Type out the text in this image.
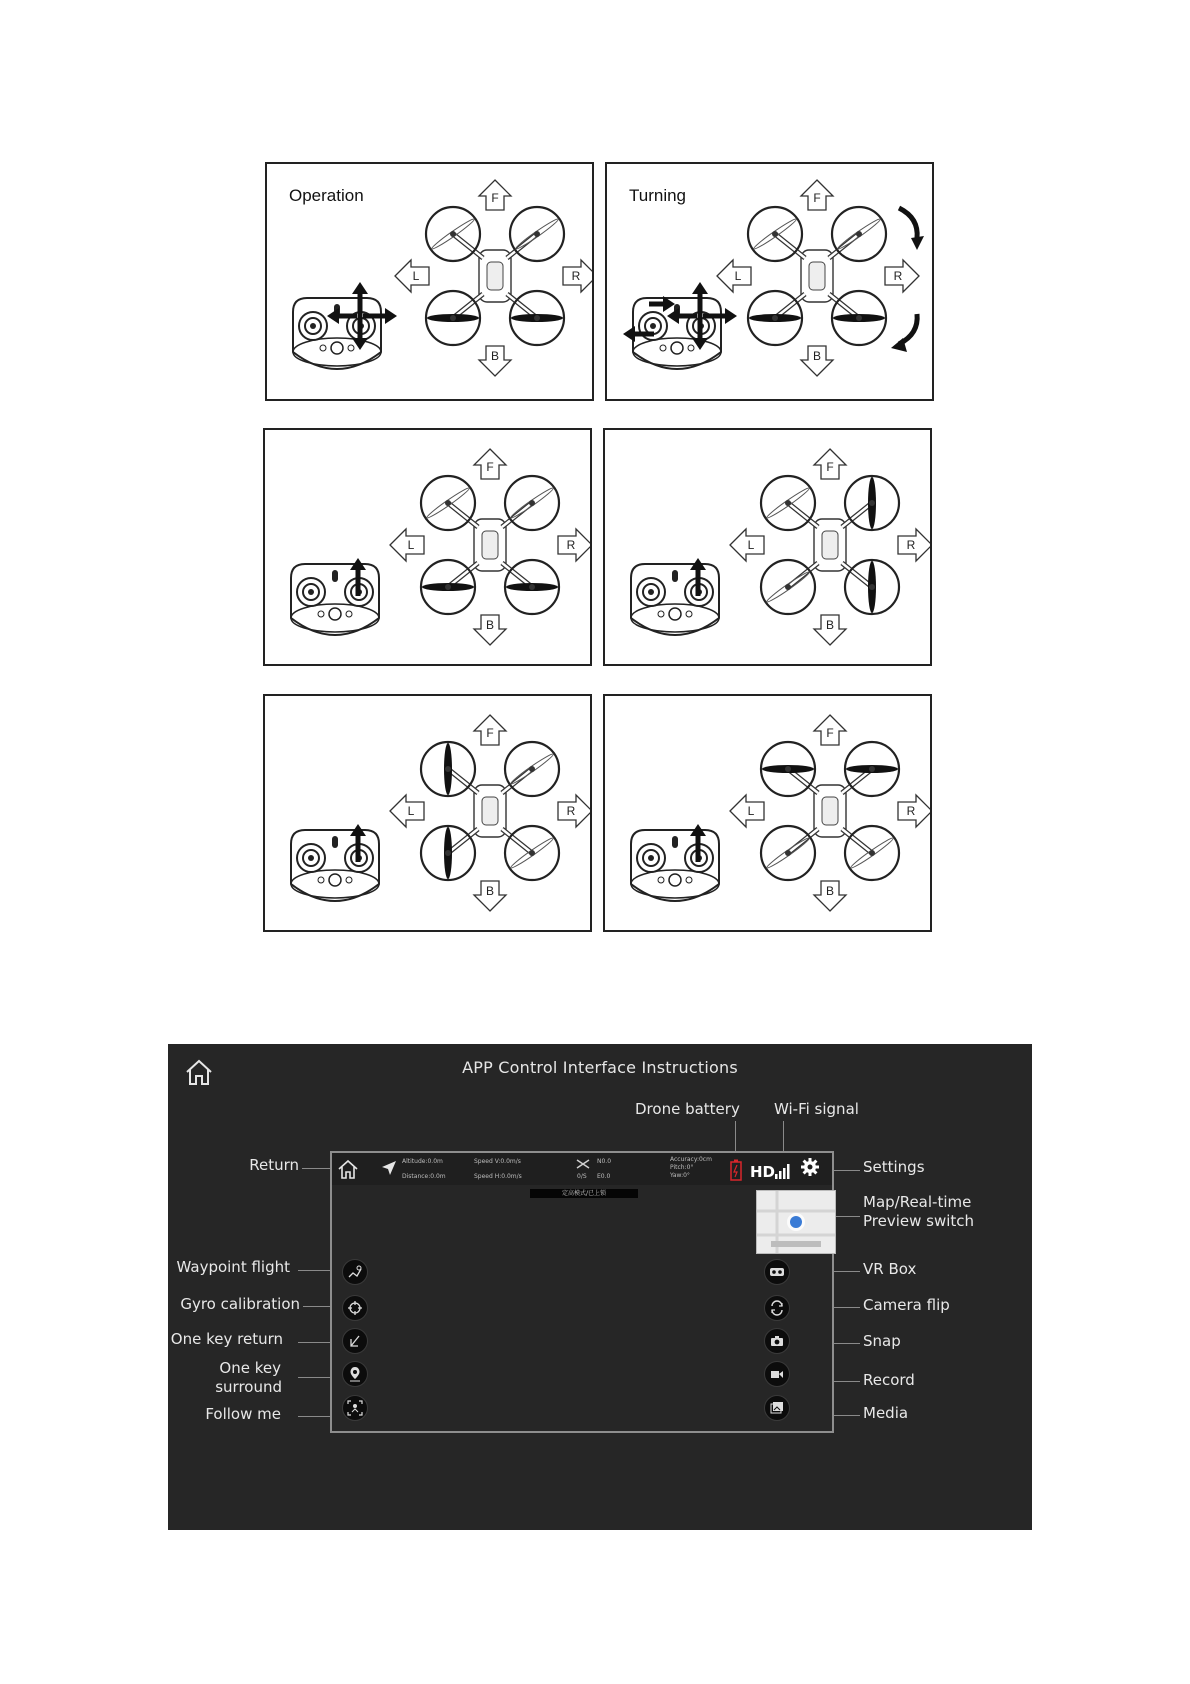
Operation	F
B
L	R
Turning	F
B
L	R
F
B
L	R
F
B
L	R
F
B
L	R
F
B
L	R
APP Control Interface Instructions
Drone battery Wi-Fi signal
Return
Waypoint flight
Gyro calibration
One key return
One key
surround
Follow me
Settings
Map/Real-time
Preview switch
VR Box
Camera flip
Snap
Record
Media
Altitude:0.0m
Distance:0.0m
Speed V:0.0m/s
Speed H:0.0m/s
N0.0
0/S E0.0
Accuracy:0cm
Pitch:0°
Yaw:0°	HD
定高模式/已上锁
